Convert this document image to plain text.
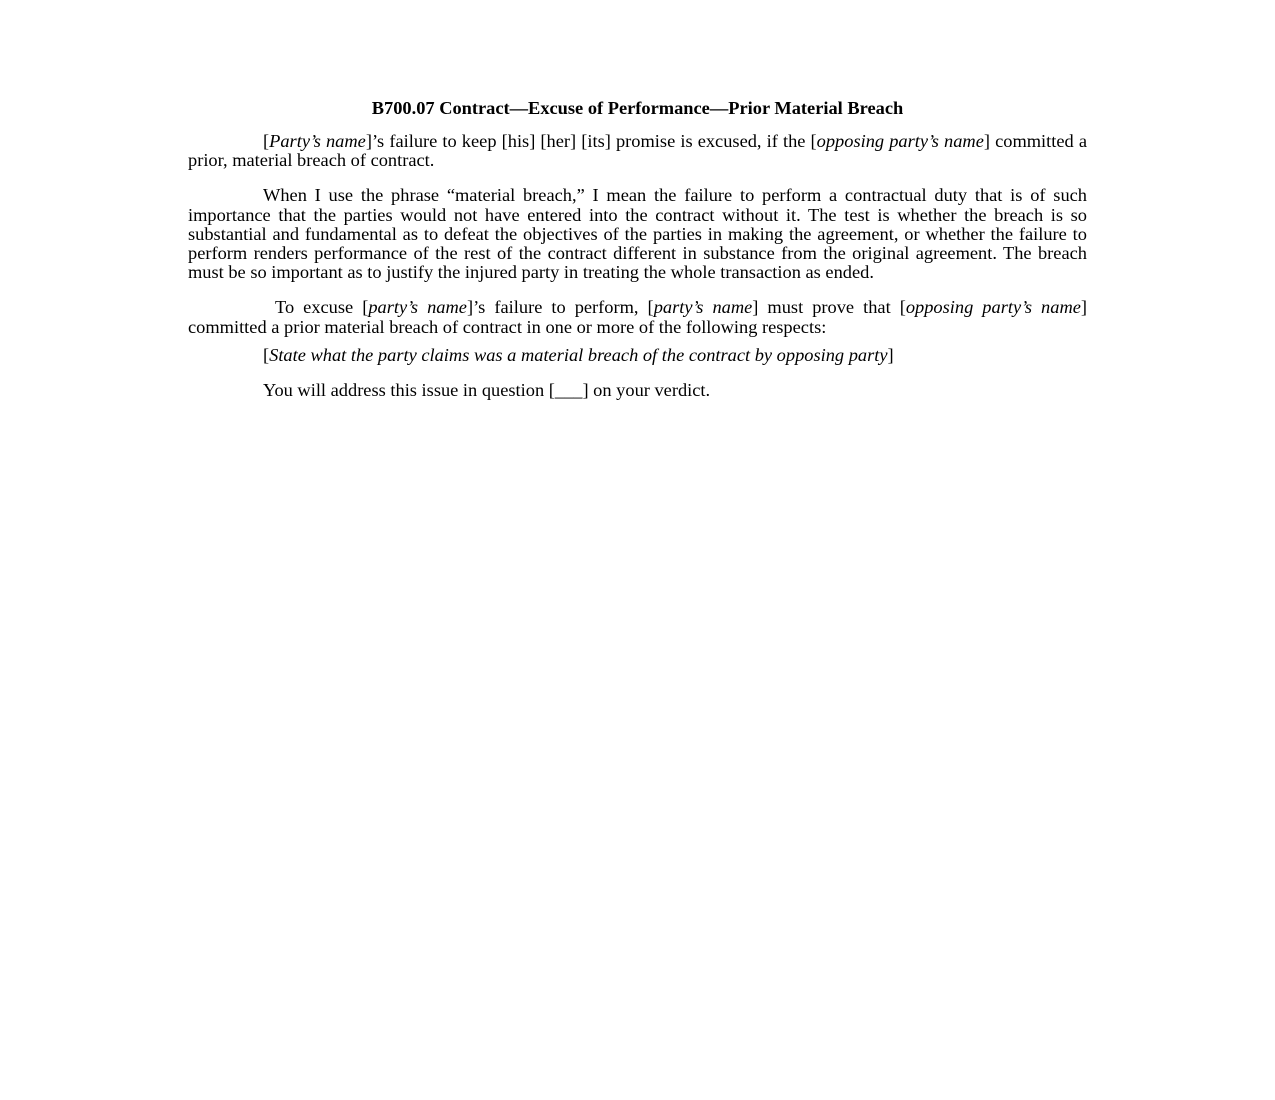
B700.07 Contract—Excuse of Performance—Prior Material Breach

[Party’s name]’s failure to keep [his] [her] [its] promise is excused, if the [opposing party’s name] committed a prior, material breach of contract.

When I use the phrase “material breach,” I mean the failure to perform a contractual duty that is of such importance that the parties would not have entered into the contract without it. The test is whether the breach is so substantial and fundamental as to defeat the objectives of the parties in making the agreement, or whether the failure to perform renders performance of the rest of the contract different in substance from the original agreement. The breach must be so important as to justify the injured party in treating the whole transaction as ended.

To excuse [party’s name]’s failure to perform, [party’s name] must prove that [opposing party’s name] committed a prior material breach of contract in one or more of the following respects:

[State what the party claims was a material breach of the contract by opposing party]

You will address this issue in question [___] on your verdict.
